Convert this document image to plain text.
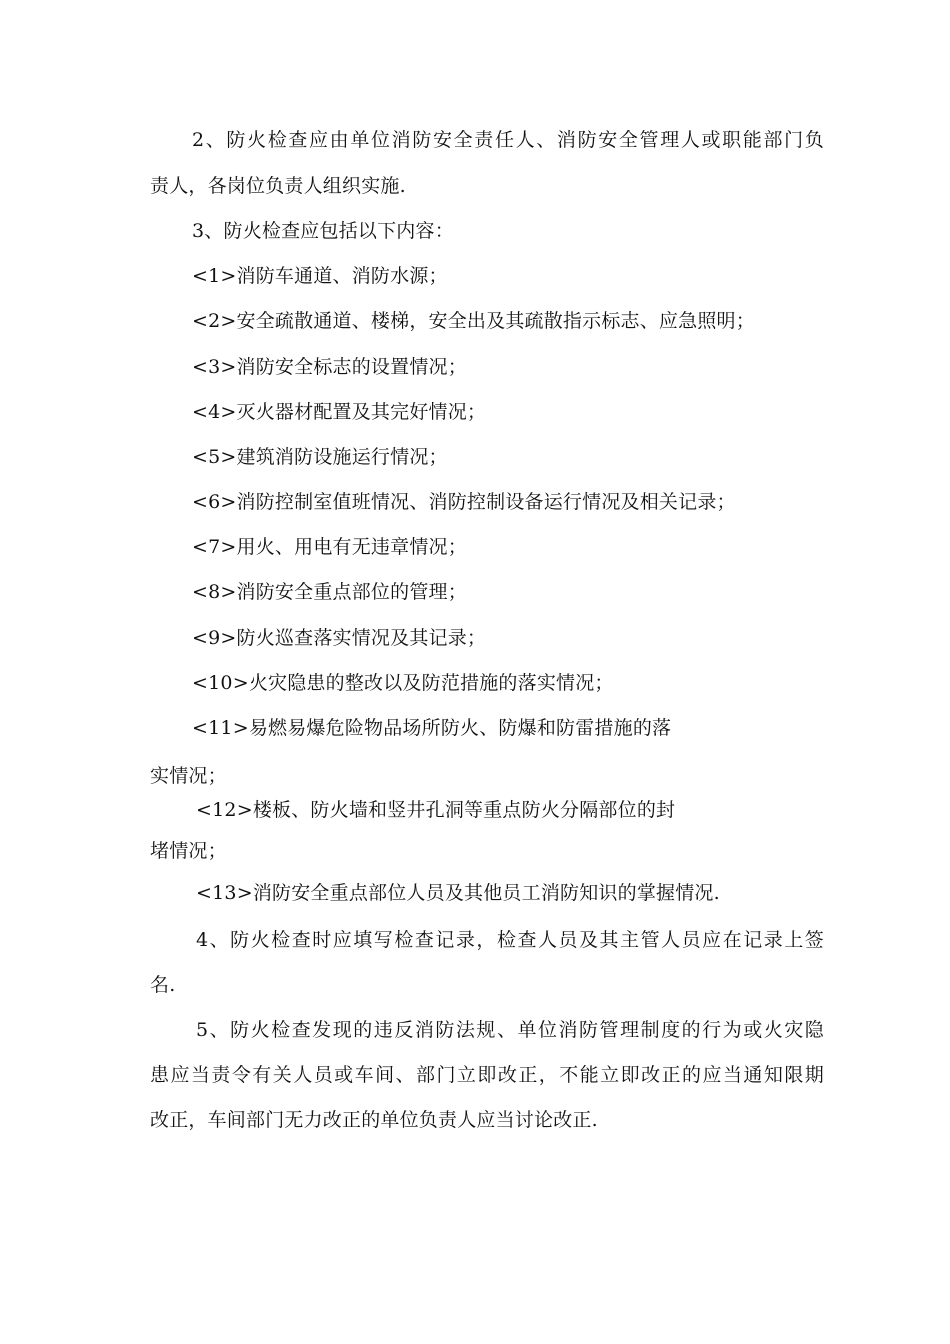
2、防火检查应由单位消防安全责任人、消防安全管理人或职能部门负
责人，各岗位负责人组织实施.
3、防火检查应包括以下内容：
<1>消防车通道、消防水源；
<2>安全疏散通道、楼梯，安全出及其疏散指示标志、应急照明；
<3>消防安全标志的设置情况；
<4>灭火器材配置及其完好情况；
<5>建筑消防设施运行情况；
<6>消防控制室值班情况、消防控制设备运行情况及相关记录；
<7>用火、用电有无违章情况；
<8>消防安全重点部位的管理；
<9>防火巡查落实情况及其记录；
<10>火灾隐患的整改以及防范措施的落实情况；
<11>易燃易爆危险物品场所防火、防爆和防雷措施的落
实情况；
<12>楼板、防火墙和竖井孔洞等重点防火分隔部位的封
堵情况；
<13>消防安全重点部位人员及其他员工消防知识的掌握情况.
4、防火检查时应填写检查记录，检查人员及其主管人员应在记录上签
名.
5、防火检查发现的违反消防法规、单位消防管理制度的行为或火灾隐
患应当责令有关人员或车间、部门立即改正，不能立即改正的应当通知限期
改正，车间部门无力改正的单位负责人应当讨论改正.
